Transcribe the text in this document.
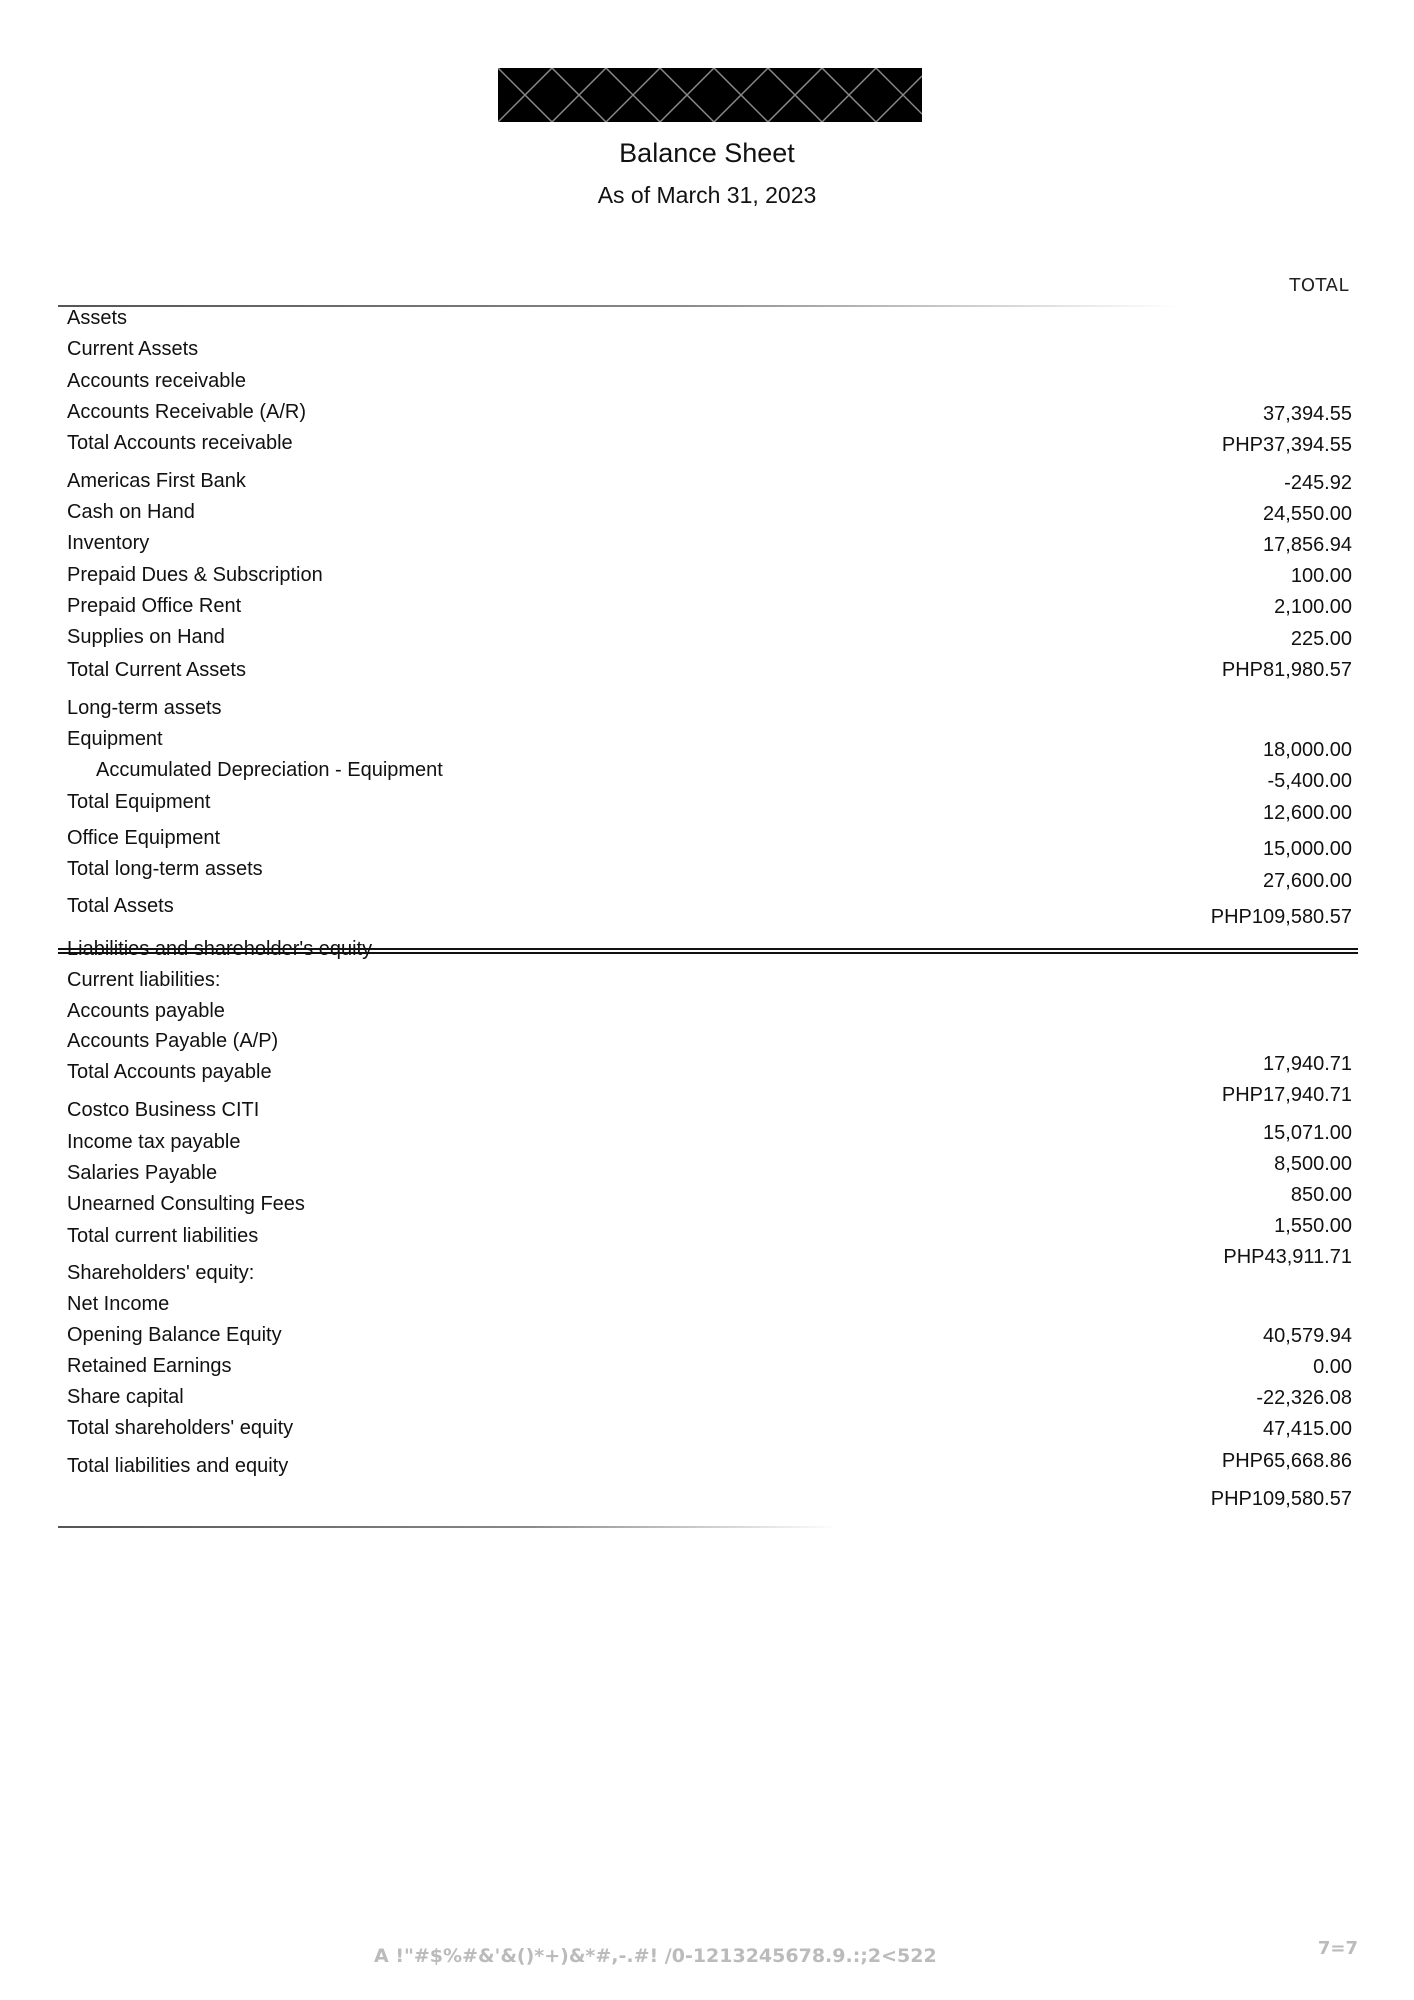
Balance Sheet
As of March 31, 2023
TOTAL
Assets
Current Assets
Accounts receivable
Accounts Receivable (A/R)
Total Accounts receivable
Americas First Bank
Cash on Hand
Inventory
Prepaid Dues & Subscription
Prepaid Office Rent
Supplies on Hand
Total Current Assets
Long-term assets
Equipment
Accumulated Depreciation - Equipment
Total Equipment
Office Equipment
Total long-term assets
Total Assets
Liabilities and shareholder's equity
Current liabilities:
Accounts payable
Accounts Payable (A/P)
Total Accounts payable
Costco Business CITI
Income tax payable
Salaries Payable
Unearned Consulting Fees
Total current liabilities
Shareholders' equity:
Net Income
Opening Balance Equity
Retained Earnings
Share capital
Total shareholders' equity
Total liabilities and equity
37,394.55
PHP37,394.55
-245.92
24,550.00
17,856.94
100.00
2,100.00
225.00
PHP81,980.57
18,000.00
-5,400.00
12,600.00
15,000.00
27,600.00
PHP109,580.57
17,940.71
PHP17,940.71
15,071.00
8,500.00
850.00
1,550.00
PHP43,911.71
40,579.94
0.00
-22,326.08
47,415.00
PHP65,668.86
PHP109,580.57
A !"#$%#&'&()*+)&*#,-.#! /0-1213245678.9.:;2<522	7=7
